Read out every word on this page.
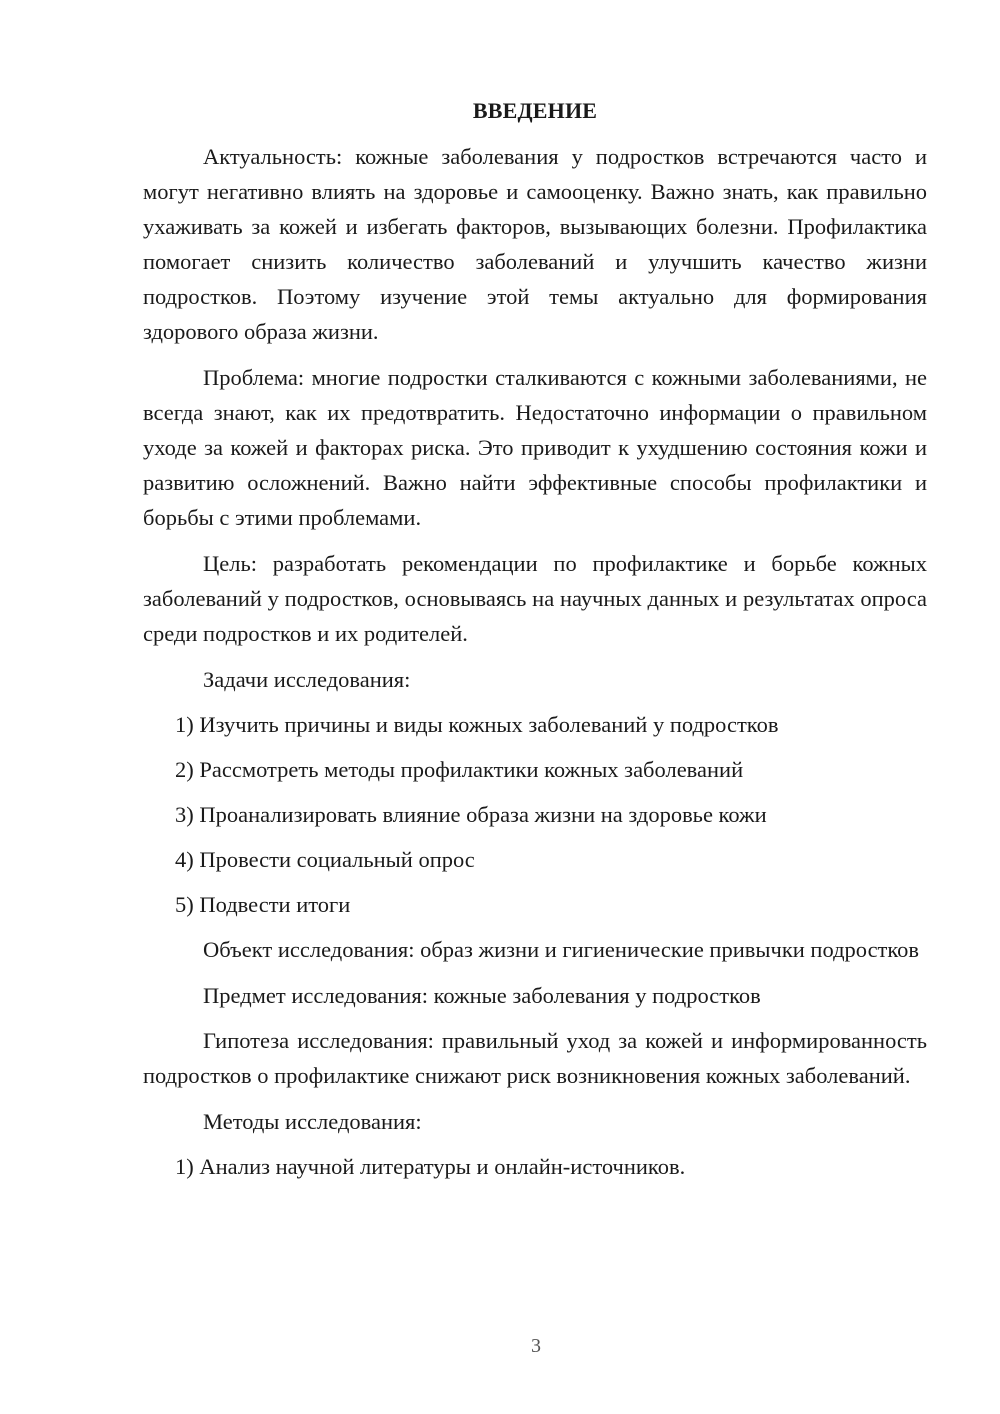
ВВЕДЕНИЕ

Актуальность: кожные заболевания у подростков встречаются часто и могут негативно влиять на здоровье и самооценку. Важно знать, как правильно ухаживать за кожей и избегать факторов, вызывающих болезни. Профилактика помогает снизить количество заболеваний и улучшить качество жизни подростков. Поэтому изучение этой темы актуально для формирования здорового образа жизни.

Проблема: многие подростки сталкиваются с кожными заболеваниями, не всегда знают, как их предотвратить. Недостаточно информации о правильном уходе за кожей и факторах риска. Это приводит к ухудшению состояния кожи и развитию осложнений. Важно найти эффективные способы профилактики и борьбы с этими проблемами.

Цель: разработать рекомендации по профилактике и борьбе кожных заболеваний у подростков, основываясь на научных данных и результатах опроса среди подростков и их родителей.

Задачи исследования:

1) Изучить причины и виды кожных заболеваний у подростков

2) Рассмотреть методы профилактики кожных заболеваний

3) Проанализировать влияние образа жизни на здоровье кожи

4) Провести социальный опрос

5) Подвести итоги

Объект исследования: образ жизни и гигиенические привычки подростков

Предмет исследования: кожные заболевания у подростков

Гипотеза исследования: правильный уход за кожей и информированность подростков о профилактике снижают риск возникновения кожных заболеваний.

Методы исследования:

1) Анализ научной литературы и онлайн-источников.

3
